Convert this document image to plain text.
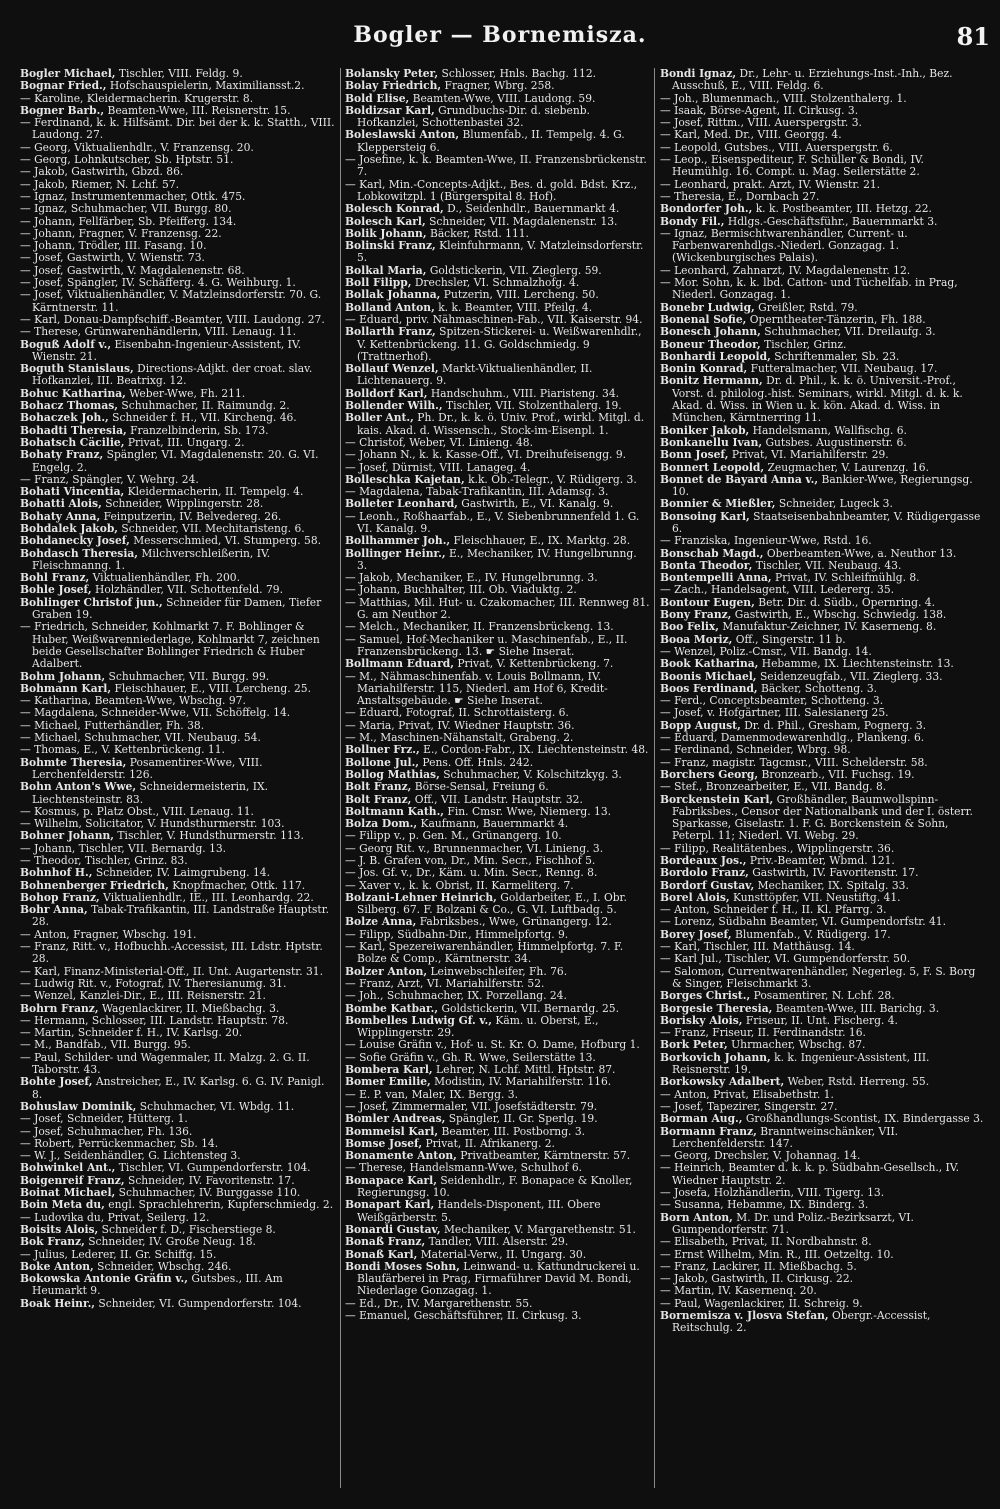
Bogler — Bornemisza.	81

Bogler Michael, Tischler, VIII. Feldg. 9.

Bognar Fried., Hofschauspielerin, Maximiliansst.2.

— Karoline, Kleidermacherin. Krugerstr. 8.

Bogner Barb., Beamten-Wwe, III. Reisnerstr. 15.

— Ferdinand, k. k. Hilfsämt. Dir. bei der k. k. Statth., VIII. Laudong. 27.

— Georg, Viktualienhdlr., V. Franzensg. 20.

— Georg, Lohnkutscher, Sb. Hptstr. 51.

— Jakob, Gastwirth, Gbzd. 86.

— Jakob, Riemer, N. Lchf. 57.

— Ignaz, Instrumentenmacher, Ottk. 475.

— Ignaz, Schuhmacher, VII. Burgg. 80.

— Johann, Fellfärber, Sb. Pfeifferg. 134.

— Johann, Fragner, V. Franzensg. 22.

— Johann, Trödler, III. Fasang. 10.

— Josef, Gastwirth, V. Wienstr. 73.

— Josef, Gastwirth, V. Magdalenenstr. 68.

— Josef, Spängler, IV. Schäfferg. 4. G. Weihburg. 1.

— Josef, Viktualienhändler, V. Matzleinsdorferstr. 70. G. Kärntnerstr. 11.

— Karl, Donau-Dampfschiff.-Beamter, VIII. Laudong. 27.

— Therese, Grünwarenhändlerin, VIII. Lenaug. 11.

Boguß Adolf v., Eisenbahn-Ingenieur-Assistent, IV. Wienstr. 21.

Boguth Stanislaus, Directions-Adjkt. der croat. slav. Hofkanzlei, III. Beatrixg. 12.

Bohuc Katharina, Weber-Wwe, Fh. 211.

Bohacz Thomas, Schuhmacher, II. Raimundg. 2.

Bohaczek Joh., Schneider f. H., VII. Kircheng. 46.

Bohadti Theresia, Franzelbinderin, Sb. 173.

Bohatsch Cäcilie, Privat, III. Ungarg. 2.

Bohaty Franz, Spängler, VI. Magdalenenstr. 20. G. VI. Engelg. 2.

— Franz, Spängler, V. Wehrg. 24.

Bohati Vincentia, Kleidermacherin, II. Tempelg. 4.

Bohatti Alois, Schneider, Wipplingerstr. 28.

Bohaty Anna, Feinputzerin, IV. Belvedereg. 26.

Bohdalek Jakob, Schneider, VII. Mechitaristeng. 6.

Bohdanecky Josef, Messerschmied, VI. Stumperg. 58.

Bohdasch Theresia, Milchverschleißerin, IV. Fleischmanng. 1.

Bohl Franz, Viktualienhändler, Fh. 200.

Bohle Josef, Holzhändler, VII. Schottenfeld. 79.

Bohlinger Christof jun., Schneider für Damen, Tiefer Graben 19.

— Friedrich, Schneider, Kohlmarkt 7. F. Bohlinger & Huber, Weißwarenniederlage, Kohlmarkt 7, zeichnen beide Gesellschafter Bohlinger Friedrich & Huber Adalbert.

Bohm Johann, Schuhmacher, VII. Burgg. 99.

Bohmann Karl, Fleischhauer, E., VIII. Lercheng. 25.

— Katharina, Beamten-Wwe, Wbschg. 97.

— Magdalena, Schneider-Wwe, VII. Schöffelg. 14.

— Michael, Futterhändler, Fh. 38.

— Michael, Schuhmacher, VII. Neubaug. 54.

— Thomas, E., V. Kettenbrückeng. 11.

Bohmte Theresia, Posamentirer-Wwe, VIII. Lerchenfelderstr. 126.

Bohn Anton's Wwe, Schneidermeisterin, IX. Liechtensteinstr. 83.

— Kosmus, p. Platz Obst., VIII. Lenaug. 11.

— Wilhelm, Solicitator, V. Hundsthurmerstr. 103.

Bohner Johann, Tischler, V. Hundsthurmerstr. 113.

— Johann, Tischler, VII. Bernardg. 13.

— Theodor, Tischler, Grinz. 83.

Bohnhof H., Schneider, IV. Laimgrubeng. 14.

Bohnenberger Friedrich, Knopfmacher, Ottk. 117.

Bohop Franz, Viktualienhdlr., IE., III. Leonhardg. 22.

Bohr Anna, Tabak-Trafikantin, III. Landstraße Hauptstr. 28.

— Anton, Fragner, Wbschg. 191.

— Franz, Ritt. v., Hofbuchh.-Accessist, III. Ldstr. Hptstr. 28.

— Karl, Finanz-Ministerial-Off., II. Unt. Augartenstr. 31.

— Ludwig Rit. v., Fotograf, IV. Theresianumg. 31.

— Wenzel, Kanzlei-Dir., E., III. Reisnerstr. 21.

Bohrn Franz, Wagenlackirer, II. Mießbachg. 3.

— Hermann, Schlosser, III. Landstr. Hauptstr. 78.

— Martin, Schneider f. H., IV. Karlsg. 20.

— M., Bandfab., VII. Burgg. 95.

— Paul, Schilder- und Wagenmaler, II. Malzg. 2. G. II. Taborstr. 43.

Bohte Josef, Anstreicher, E., IV. Karlsg. 6. G. IV. Panigl. 8.

Bohuslaw Dominik, Schuhmacher, VI. Wbdg. 11.

— Josef, Schneider, Hütterg. 1.

— Josef, Schuhmacher, Fh. 136.

— Robert, Perrückenmacher, Sb. 14.

— W. J., Seidenhändler, G. Lichtensteg 3.

Bohwinkel Ant., Tischler, VI. Gumpendorferstr. 104.

Boigenreif Franz, Schneider, IV. Favoritenstr. 17.

Boinat Michael, Schuhmacher, IV. Burggasse 110.

Boin Meta du, engl. Sprachlehrerin, Kupferschmiedg. 2.

— Ludovika du, Privat, Seilerg. 12.

Boisits Alois, Schneider f. D., Fischerstiege 8.

Bok Franz, Schneider, IV. Große Neug. 18.

— Julius, Lederer, II. Gr. Schiffg. 15.

Boke Anton, Schneider, Wbschg. 246.

Bokowska Antonie Gräfin v., Gutsbes., III. Am Heumarkt 9.

Boak Heinr., Schneider, VI. Gumpendorferstr. 104.

Bolansky Peter, Schlosser, Hnls. Bachg. 112.

Bolay Friedrich, Fragner, Wbrg. 258.

Bold Elise, Beamten-Wwe, VIII. Laudong. 59.

Boldizsar Karl, Grundbuchs-Dir. d. siebenb. Hofkanzlei, Schottenbastei 32.

Boleslawski Anton, Blumenfab., II. Tempelg. 4. G. Kleppersteig 6.

— Josefine, k. k. Beamten-Wwe, II. Franzensbrückenstr. 7.

— Karl, Min.-Concepts-Adjkt., Bes. d. gold. Bdst. Krz., Lobkowitzpl. 1 (Bürgerspital 8. Hof).

Bolesch Konrad, D., Seidenhdlr., Bauernmarkt 4.

Bolesch Karl, Schneider, VII. Magdalenenstr. 13.

Bolik Johann, Bäcker, Rstd. 111.

Bolinski Franz, Kleinfuhrmann, V. Matzleinsdorferstr. 5.

Bolkal Maria, Goldstickerin, VII. Zieglerg. 59.

Boll Filipp, Drechsler, VI. Schmalzhofg. 4.

Bollak Johanna, Putzerin, VIII. Lercheng. 50.

Bolland Anton, k. k. Beamter, VIII. Pfeilg. 4.

— Eduard, priv. Nähmaschinen-Fab., VII. Kaiserstr. 94.

Bollarth Franz, Spitzen-Stickerei- u. Weißwarenhdlr., V. Kettenbrückeng. 11. G. Goldschmiedg. 9 (Trattnerhof).

Bollauf Wenzel, Markt-Viktualienhändler, II. Lichtenauerg. 9.

Bolldorf Karl, Handschuhm., VIII. Piaristeng. 34.

Bollender Wilh., Tischler, VII. Stolzenthalerg. 19.

Boller Ant., Ph. Dr., k. k. ö. Univ. Prof., wirkl. Mitgl. d. kais. Akad. d. Wissensch., Stock-im-Eisenpl. 1.

— Christof, Weber, VI. Linieng. 48.

— Johann N., k. k. Kasse-Off., VI. Dreihufeisengg. 9.

— Josef, Dürnist, VIII. Lanageg. 4.

Bolleschka Kajetan, k.k. Ob.-Telegr., V. Rüdigerg. 3.

— Magdalena, Tabak-Trafikantin, III. Adamsg. 3.

Bolleter Leonhard, Gastwirth, E., VI. Kanalg. 9.

— Leonh., Roßhaarfab., E., V. Siebenbrunnenfeld 1. G. VI. Kanalg. 9.

Bollhammer Joh., Fleischhauer, E., IX. Marktg. 28.

Bollinger Heinr., E., Mechaniker, IV. Hungelbrunng. 3.

— Jakob, Mechaniker, E., IV. Hungelbrunng. 3.

— Johann, Buchhalter, III. Ob. Viaduktg. 2.

— Matthias, Mil. Hut- u. Czakomacher, III. Rennweg 81. G. am Neuthor 2.

— Melch., Mechaniker, II. Franzensbrückeng. 13.

— Samuel, Hof-Mechaniker u. Maschinenfab., E., II. Franzensbrückeng. 13. ☛ Siehe Inserat.

Bollmann Eduard, Privat, V. Kettenbrückeng. 7.

— M., Nähmaschinenfab. v. Louis Bollmann, IV. Mariahilferstr. 115, Niederl. am Hof 6, Kredit-Anstaltsgebäude. ☛ Siehe Inserat.

— Eduard, Fotograf, II. Schrottaisterg. 6.

— Maria, Privat, IV. Wiedner Hauptstr. 36.

— M., Maschinen-Nähanstalt, Grabeng. 2.

Bollner Frz., E., Cordon-Fabr., IX. Liechtensteinstr. 48.

Bollone Jul., Pens. Off. Hnls. 242.

Bollog Mathias, Schuhmacher, V. Kolschitzkyg. 3.

Bolt Franz, Börse-Sensal, Freiung 6.

Bolt Franz, Off., VII. Landstr. Hauptstr. 32.

Boltmann Kath., Fin. Cmsr. Wwe, Niemerg. 13.

Bolza Dom., Kaufmann, Bauernmarkt 4.

— Filipp v., p. Gen. M., Grünangerg. 10.

— Georg Rit. v., Brunnenmacher, VI. Linieng. 3.

— J. B. Grafen von, Dr., Min. Secr., Fischhof 5.

— Jos. Gf. v., Dr., Käm. u. Min. Secr., Renng. 8.

— Xaver v., k. k. Obrist, II. Karmeliterg. 7.

Bolzani-Lehner Heinrich, Goldarbeiter, E., I. Obr. Silberg. 67. F. Bolzani & Co., G. VI. Luftbadg. 5.

Bolze Anna, Fabriksbes., Wwe, Grünangerg. 12.

— Filipp, Südbahn-Dir., Himmelpfortg. 9.

— Karl, Spezereiwarenhändler, Himmelpfortg. 7. F. Bolze & Comp., Kärntnerstr. 34.

Bolzer Anton, Leinwebschleifer, Fh. 76.

— Franz, Arzt, VI. Mariahilferstr. 52.

— Joh., Schuhmacher, IX. Porzellang. 24.

Bombe Katbar., Goldstickerin, VII. Bernardg. 25.

Bombelles Ludwig Gf. v., Käm. u. Oberst, E., Wipplingerstr. 29.

— Louise Gräfin v., Hof- u. St. Kr. O. Dame, Hofburg 1.

— Sofie Gräfin v., Gh. R. Wwe, Seilerstätte 13.

Bombera Karl, Lehrer, N. Lchf. Mittl. Hptstr. 87.

Bomer Emilie, Modistin, IV. Mariahilferstr. 116.

— E. P. van, Maler, IX. Bergg. 3.

— Josef, Zimmermaler, VII. Josefstädterstr. 79.

Bomler Andreas, Spängler, II. Gr. Sperlg. 19.

Bommeisl Karl, Beamter, III. Postborng. 3.

Bomse Josef, Privat, II. Afrikanerg. 2.

Bonamente Anton, Privatbeamter, Kärntnerstr. 57.

— Therese, Handelsmann-Wwe, Schulhof 6.

Bonapace Karl, Seidenhdlr., F. Bonapace & Knoller, Regierungsg. 10.

Bonapart Karl, Handels-Disponent, III. Obere Weißgärberstr. 5.

Bonardi Gustav, Mechaniker, V. Margarethenstr. 51.

Bonaß Franz, Tandler, VIII. Alserstr. 29.

Bonaß Karl, Material-Verw., II. Ungarg. 30.

Bondi Moses Sohn, Leinwand- u. Kattundruckerei u. Blaufärberei in Prag, Firmaführer David M. Bondi, Niederlage Gonzagag. 1.

— Ed., Dr., IV. Margarethenstr. 55.

— Emanuel, Geschäftsführer, II. Cirkusg. 3.

Bondi Ignaz, Dr., Lehr- u. Erziehungs-Inst.-Inh., Bez. Ausschuß, E., VIII. Feldg. 6.

— Joh., Blumenmach., VIII. Stolzenthalerg. 1.

— Isaak, Börse-Agent, II. Cirkusg. 3.

— Josef, Rittm., VIII. Auerspergstr. 3.

— Karl, Med. Dr., VIII. Georgg. 4.

— Leopold, Gutsbes., VIII. Auerspergstr. 6.

— Leop., Eisenspediteur, F. Schüller & Bondi, IV. Heumühlg. 16. Compt. u. Mag. Seilerstätte 2.

— Leonhard, prakt. Arzt, IV. Wienstr. 21.

— Theresia, E., Dornbach 27.

Bondorfer Joh., k. k. Postbeamter, III. Hetzg. 22.

Bondy Fil., Hdlgs.-Geschäftsführ., Bauernmarkt 3.

— Ignaz, Bermischtwarenhändler, Current- u. Farbenwarenhdlgs.-Niederl. Gonzagag. 1. (Wickenburgisches Palais).

— Leonhard, Zahnarzt, IV. Magdalenenstr. 12.

— Mor. Sohn, k. k. lbd. Catton- und Tüchelfab. in Prag, Niederl. Gonzagag. 1.

Bonebr Ludwig, Greißler, Rstd. 79.

Bonenal Sofie, Operntheater-Tänzerin, Fh. 188.

Bonesch Johann, Schuhmacher, VII. Dreilaufg. 3.

Boneur Theodor, Tischler, Grinz.

Bonhardi Leopold, Schriftenmaler, Sb. 23.

Bonin Konrad, Futteralmacher, VII. Neubaug. 17.

Bonitz Hermann, Dr. d. Phil., k. k. ö. Universit.-Prof., Vorst. d. philolog.-hist. Seminars, wirkl. Mitgl. d. k. k. Akad. d. Wiss. in Wien u. k. kön. Akad. d. Wiss. in München, Kärntnerring 11.

Boniker Jakob, Handelsmann, Wallfischg. 6.

Bonkanellu Ivan, Gutsbes. Augustinerstr. 6.

Bonn Josef, Privat, VI. Mariahilferstr. 29.

Bonnert Leopold, Zeugmacher, V. Laurenzg. 16.

Bonnet de Bayard Anna v., Bankier-Wwe, Regierungsg. 10.

Bonnier & Mießler, Schneider, Lugeck 3.

Bonsoing Karl, Staatseisenbahnbeamter, V. Rüdigergasse 6.

— Franziska, Ingenieur-Wwe, Rstd. 16.

Bonschab Magd., Oberbeamten-Wwe, a. Neuthor 13.

Bonta Theodor, Tischler, VII. Neubaug. 43.

Bontempelli Anna, Privat, IV. Schleifmühlg. 8.

— Zach., Handelsagent, VIII. Ledererg. 35.

Bontour Eugen, Betr. Dir. d. Südb., Opernring. 4.

Bony Franz, Gastwirth, E., Wbschg. Schwiedg. 138.

Boo Felix, Manufaktur-Zeichner, IV. Kaserneng. 8.

Booa Moriz, Off., Singerstr. 11 b.

— Wenzel, Poliz.-Cmsr., VII. Bandg. 14.

Book Katharina, Hebamme, IX. Liechtensteinstr. 13.

Boonis Michael, Seidenzeugfab., VII. Zieglerg. 33.

Boos Ferdinand, Bäcker, Schotteng. 3.

— Ferd., Conceptsbeamter, Schotteng. 3.

— Josef, v. Hofgärtner, III. Salesianerg 25.

Bopp August, Dr. d. Phil., Gresham, Pognerg. 3.

— Eduard, Damenmodewarenhdlg., Plankeng. 6.

— Ferdinand, Schneider, Wbrg. 98.

— Franz, magistr. Tagcmsr., VIII. Schelderstr. 58.

Borchers Georg, Bronzearb., VII. Fuchsg. 19.

— Stef., Bronzearbeiter, E., VII. Bandg. 8.

Borckenstein Karl, Großhändler, Baumwollspinn-Fabriksbes., Censor der Nationalbank und der I. österr. Sparkasse, Giselastr. 1. F. G. Borckenstein & Sohn, Peterpl. 11; Niederl. VI. Webg. 29.

— Filipp, Realitätenbes., Wipplingerstr. 36.

Bordeaux Jos., Priv.-Beamter, Wbmd. 121.

Bordolo Franz, Gastwirth, IV. Favoritenstr. 17.

Bordorf Gustav, Mechaniker, IX. Spitalg. 33.

Borel Alois, Kunsttöpfer, VII. Neustiftg. 41.

— Anton, Schneider f. H., II. Kl. Pfarrg. 3.

— Lorenz, Südbahn Beamter, VI. Gumpendorfstr. 41.

Borey Josef, Blumenfab., V. Rüdigerg. 17.

— Karl, Tischler, III. Matthäusg. 14.

— Karl Jul., Tischler, VI. Gumpendorferstr. 50.

— Salomon, Currentwarenhändler, Negerleg. 5, F. S. Borg & Singer, Fleischmarkt 3.

Borges Christ., Posamentirer, N. Lchf. 28.

Borgesie Theresia, Beamten-Wwe, III. Barichg. 3.

Borisky Alois, Friseur, II. Unt. Fischerg. 4.

— Franz, Friseur, II. Ferdinandstr. 16.

Bork Peter, Uhrmacher, Wbschg. 87.

Borkovich Johann, k. k. Ingenieur-Assistent, III. Reisnerstr. 19.

Borkowsky Adalbert, Weber, Rstd. Herreng. 55.

— Anton, Privat, Elisabethstr. 1.

— Josef, Tapezirer, Singerstr. 27.

Borman Aug., Großhandlungs-Scontist, IX. Bindergasse 3.

Bormann Franz, Branntweinschänker, VII. Lerchenfelderstr. 147.

— Georg, Drechsler, V. Johannag. 14.

— Heinrich, Beamter d. k. k. p. Südbahn-Gesellsch., IV. Wiedner Hauptstr. 2.

— Josefa, Holzhändlerin, VIII. Tigerg. 13.

— Susanna, Hebamme, IX. Binderg. 3.

Born Anton, M. Dr. und Poliz.-Bezirksarzt, VI. Gumpendorferstr. 71.

— Elisabeth, Privat, II. Nordbahnstr. 8.

— Ernst Wilhelm, Min. R., III. Oetzeltg. 10.

— Franz, Lackirer, II. Mießbachg. 5.

— Jakob, Gastwirth, II. Cirkusg. 22.

— Martin, IV. Kasernenq. 20.

— Paul, Wagenlackirer, II. Schreig. 9.

Bornemisza v. Jlosva Stefan, Obergr.-Accessist, Reitschulg. 2.
